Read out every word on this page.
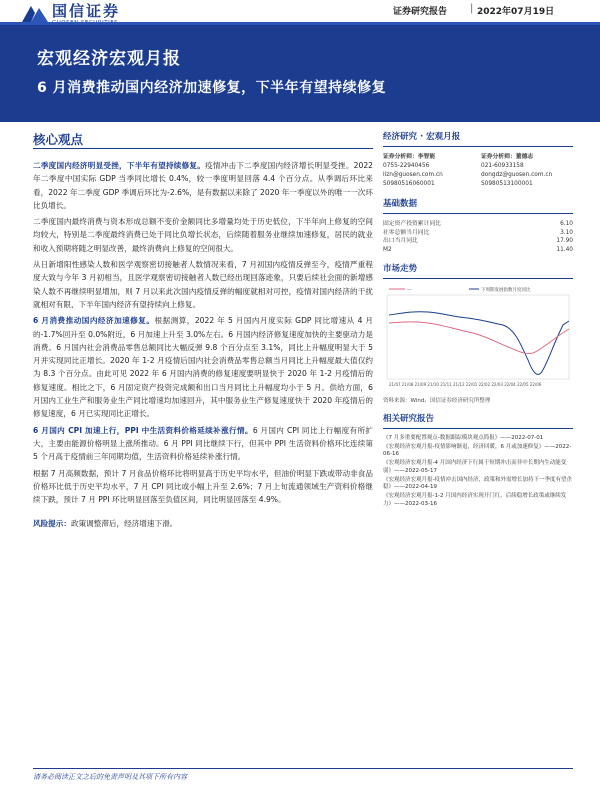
国信证券	证券研究报告 | 2022年07月19日
宏观经济宏观月报
6 月消费推动国内经济加速修复，下半年有望持续修复
核心观点

二季度国内经济明显受挫，下半年有望持续修复。疫情冲击下二季度国内经济增长明显受挫。2022 年二季度中国实际 GDP 当季同比增长 0.4%，较一季度明显回落 4.4 个百分点。从季调后环比来看，2022 年二季度 GDP 季调后环比为-2.6%，是有数据以来除了 2020 年一季度以外的唯一一次环比负增长。

二季度国内最终消费与资本形成总额不变价金额同比多增量均处于历史低位，下半年向上修复的空间均较大，特别是二季度最终消费已处于同比负增长状态，后续随着服务业继续加速修复，居民的就业和收入预期将随之明显改善，最终消费向上修复的空间很大。

从日新增阳性感染人数和医学观察密切接触者人数情况来看，7 月初国内疫情反弹至今，疫情严重程度大致与今年 3 月初相当，且医学观察密切接触者人数已经出现回落迹象，只要后续社会面的新增感染人数不再继续明显增加，则 7 月以来此次国内疫情反弹的幅度就相对可控，疫情对国内经济的干扰就相对有限，下半年国内经济有望持续向上修复。

6 月消费推动国内经济加速修复。根据测算，2022 年 5 月国内月度实际 GDP 同比增速从 4 月的-1.7%回升至 0.0%附近，6 月加速上升至 3.0%左右。6 月国内经济修复速度加快的主要驱动力是消费。6 月国内社会消费品零售总额同比大幅反弹 9.8 个百分点至 3.1%，同比上升幅度明显大于 5 月并实现同比正增长。2020 年 1-2 月疫情后国内社会消费品零售总额当月同比上升幅度最大值仅约为 8.3 个百分点。由此可见 2022 年 6 月国内消费的修复速度要明显快于 2020 年 1-2 月疫情后的修复速度。相比之下，6 月固定资产投资完成额和出口当月同比上升幅度均小于 5 月。供给方面，6 月国内工业生产和服务业生产同比增速均加速回升，其中服务业生产修复速度快于 2020 年疫情后的修复速度，6 月已实现同比正增长。

6 月国内 CPI 加速上行，PPI 中生活资料价格延续补涨行情。6 月国内 CPI 同比上行幅度有所扩大，主要由能源价格明显上涨所推动。6 月 PPI 同比继续下行，但其中 PPI 生活资料价格环比连续第 5 个月高于疫情前三年同期均值，生活资料价格延续补涨行情。

根据 7 月高频数据，预计 7 月食品价格环比将明显高于历史平均水平，但油价明显下跌或带动非食品价格环比低于历史平均水平，7 月 CPI 同比或小幅上升至 2.6%；7 月上旬流通领域生产资料价格继续下跌，预计 7 月 PPI 环比明显回落至负值区间，同比明显回落至 4.9%。

风险提示：政策调整滞后，经济增速下滑。

经济研究 · 宏观月报
证券分析师：李智能
0755-22940456
lizn@guosen.com.cn
S0980516060001
证券分析师：董德志
021-60933158
dongdz@guosen.com.cn
S0980513100001
基础数据
固定资产投资累计同比	6.10
社零总额当月同比	3.10
出口当月同比	17.90
M2	11.40
市场走势
—	下周期发展指数月度同比
21/07 21/08 21/09 21/10 21/11 21/12 22/01 22/02 22/03 22/04 22/05 22/06
资料来源：Wind、国信证券经济研究所整理
相关研究报告
《7 月多重要配置观点-数据跟踪模块观点简报》——2022-07-01
《宏观经济宏观月报-疫情影响渐退，经济回暖，6 月或加速修复》——2022-06-16
《宏观经济宏观月报-4 月国内经济下行属于短期冲击而非中长期内生动能变弱》——2022-05-17
《宏观经济宏观月报-疫情冲击国内经济，政策和外需增长加持下一季度有望企稳》——2022-04-19
《宏观经济宏观月报-1-2 月国内经济实现开门红，后续稳增长政策或继续发力》——2022-03-16
请务必阅读正文之后的免责声明及其项下所有内容
